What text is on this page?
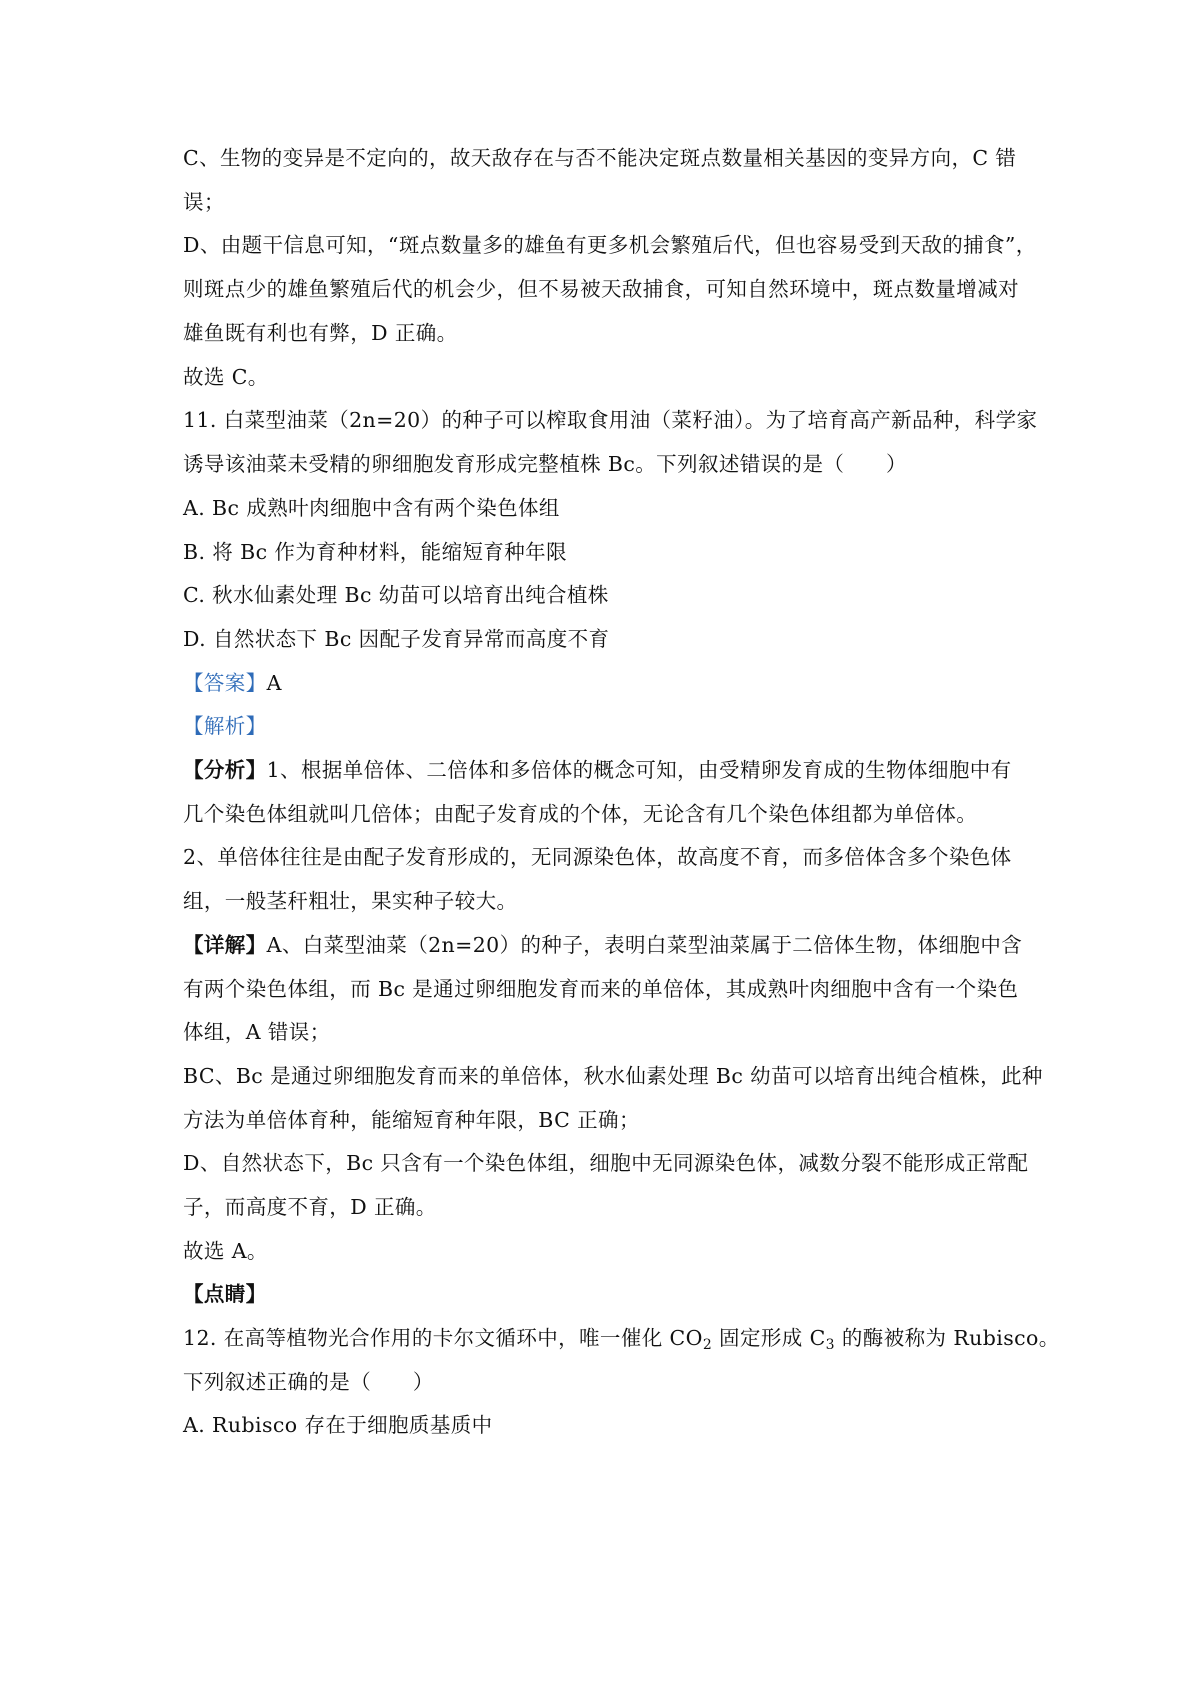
C、生物的变异是不定向的，故天敌存在与否不能决定斑点数量相关基因的变异方向，C 错
误；
D、由题干信息可知，“斑点数量多的雄鱼有更多机会繁殖后代，但也容易受到天敌的捕食”，
则斑点少的雄鱼繁殖后代的机会少，但不易被天敌捕食，可知自然环境中，斑点数量增减对
雄鱼既有利也有弊，D 正确。
故选 C。
11. 白菜型油菜（2n=20）的种子可以榨取食用油（菜籽油）。为了培育高产新品种，科学家
诱导该油菜未受精的卵细胞发育形成完整植株 Bc。下列叙述错误的是（　　）
A. Bc 成熟叶肉细胞中含有两个染色体组
B. 将 Bc 作为育种材料，能缩短育种年限
C. 秋水仙素处理 Bc 幼苗可以培育出纯合植株
D. 自然状态下 Bc 因配子发育异常而高度不育
【答案】A
【解析】
【分析】1、根据单倍体、二倍体和多倍体的概念可知，由受精卵发育成的生物体细胞中有
几个染色体组就叫几倍体；由配子发育成的个体，无论含有几个染色体组都为单倍体。
2、单倍体往往是由配子发育形成的，无同源染色体，故高度不育，而多倍体含多个染色体
组，一般茎秆粗壮，果实种子较大。
【详解】A、白菜型油菜（2n=20）的种子，表明白菜型油菜属于二倍体生物，体细胞中含
有两个染色体组，而 Bc 是通过卵细胞发育而来的单倍体，其成熟叶肉细胞中含有一个染色
体组，A 错误；
BC、Bc 是通过卵细胞发育而来的单倍体，秋水仙素处理 Bc 幼苗可以培育出纯合植株，此种
方法为单倍体育种，能缩短育种年限，BC 正确；
D、自然状态下，Bc 只含有一个染色体组，细胞中无同源染色体，减数分裂不能形成正常配
子，而高度不育，D 正确。
故选 A。
【点睛】
12. 在高等植物光合作用的卡尔文循环中，唯一催化 $CO_2$ 固定形成 $C_3$ 的酶被称为 Rubisco。
下列叙述正确的是（　　）
A. Rubisco 存在于细胞质基质中
